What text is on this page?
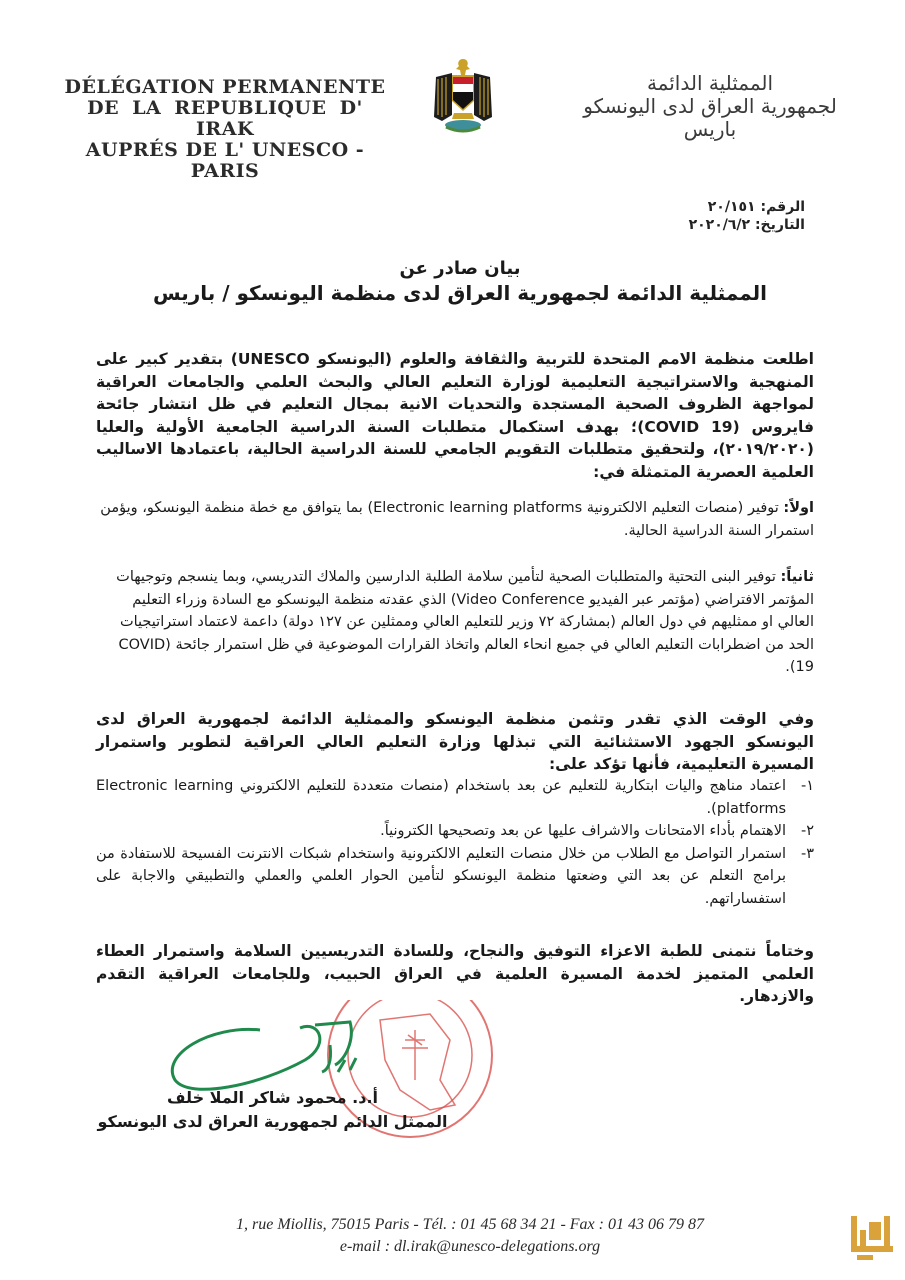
DÉLÉGATION PERMANENTE
DE LA REPUBLIQUE D' IRAK
AUPRÉS DE L' UNESCO - PARIS
الممثلية الدائمة
لجمهورية العراق لدى اليونسكو
باريس
الرقم: ٢٠/١٥١
التاريخ: ٢٠٢٠/٦/٢
بيان صادر عن
الممثلية الدائمة لجمهورية العراق لدى منظمة اليونسكو / باريس
اطلعت منظمة الامم المتحدة للتربية والثقافة والعلوم (اليونسكو UNESCO) بتقدير كبير على المنهجية والاستراتيجية التعليمية لوزارة التعليم العالي والبحث العلمي والجامعات العراقية لمواجهة الظروف الصحية المستجدة والتحديات الانية بمجال التعليم في ظل انتشار جائحة فايروس (COVID 19)؛ بهدف استكمال متطلبات السنة الدراسية الجامعية الأولية والعليا (٢٠١٩/٢٠٢٠)، ولتحقيق متطلبات التقويم الجامعي للسنة الدراسية الحالية، باعتمادها الاساليب العلمية العصرية المتمثلة في:
اولاً: توفير (منصات التعليم الالكترونية Electronic learning platforms) بما يتوافق مع خطة منظمة اليونسكو، ويؤمن استمرار السنة الدراسية الحالية.
ثانياً: توفير البنى التحتية والمتطلبات الصحية لتأمين سلامة الطلبة الدارسين والملاك التدريسي، وبما ينسجم وتوجيهات المؤتمر الافتراضي (مؤتمر عبر الفيديو Video Conference) الذي عقدته منظمة اليونسكو مع السادة وزراء التعليم العالي او ممثليهم في دول العالم (بمشاركة ٧٢ وزير للتعليم العالي وممثلين عن ١٢٧ دولة) داعمة لاعتماد استراتيجيات الحد من اضطرابات التعليم العالي في جميع انحاء العالم واتخاذ القرارات الموضوعية في ظل استمرار جائحة (COVID 19).
وفي الوقت الذي تقدر وتثمن منظمة اليونسكو والممثلية الدائمة لجمهورية العراق لدى اليونسكو الجهود الاستثنائية التي تبذلها وزارة التعليم العالي العراقية لتطوير واستمرار المسيرة التعليمية، فأنها تؤكد على:
١-
اعتماد مناهج واليات ابتكارية للتعليم عن بعد باستخدام (منصات متعددة للتعليم الالكتروني Electronic learning platforms).
٢-
الاهتمام بأداء الامتحانات والاشراف عليها عن بعد وتصحيحها الكترونياً.
٣-
استمرار التواصل مع الطلاب من خلال منصات التعليم الالكترونية واستخدام شبكات الانترنت الفسيحة للاستفادة من برامج التعلم عن بعد التي وضعتها منظمة اليونسكو لتأمين الحوار العلمي والعملي والتطبيقي والاجابة على استفساراتهم.
وختاماً نتمنى للطبة الاعزاء التوفيق والنجاح، وللسادة التدريسيين السلامة واستمرار العطاء العلمي المتميز لخدمة المسيرة العلمية في العراق الحبيب، وللجامعات العراقية التقدم والازدهار.
أ.د. محمود شاكر الملا خلف
الممثل الدائم لجمهورية العراق لدى اليونسكو
1, rue Miollis, 75015 Paris - Tél. : 01 45 68 34 21 - Fax : 01 43 06 79 87
e-mail : dl.irak@unesco-delegations.org
